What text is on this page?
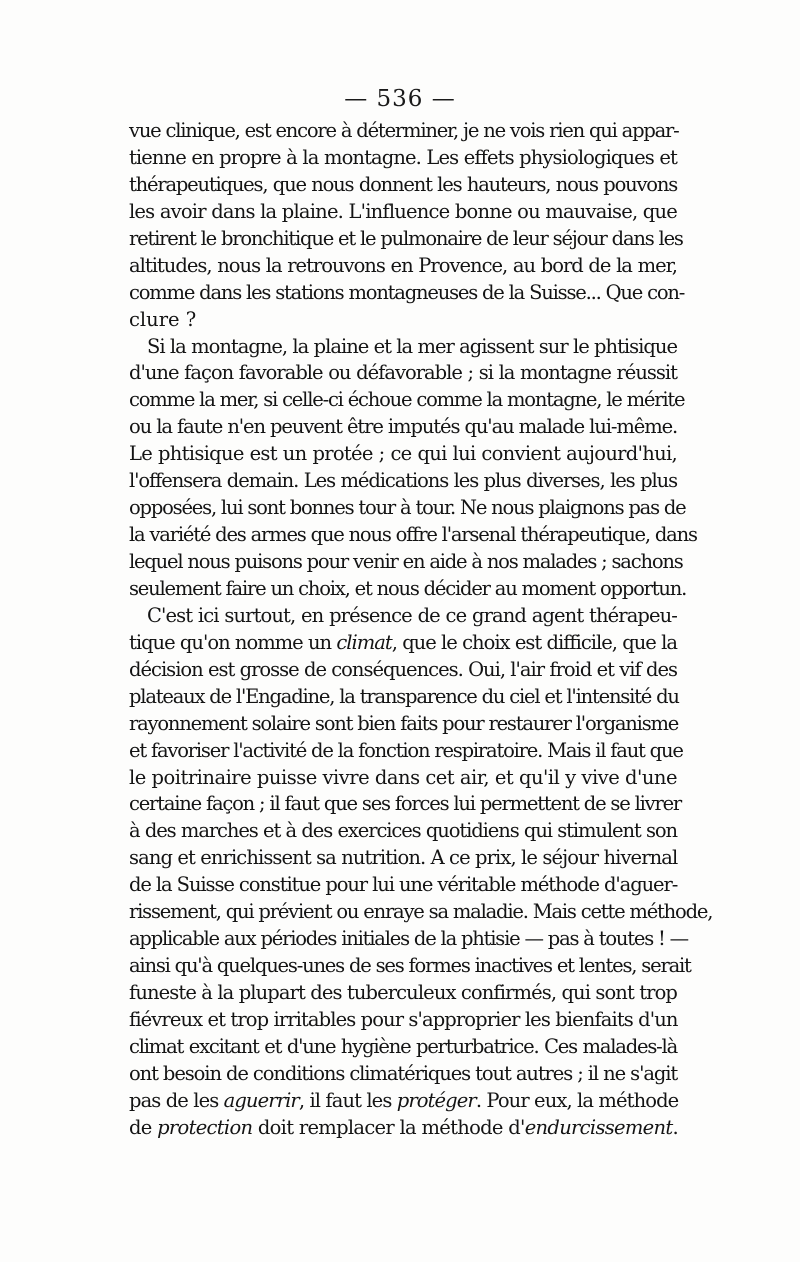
— 536 —
vue clinique, est encore à déterminer, je ne vois rien qui appar-
tienne en propre à la montagne. Les effets physiologiques et
thérapeutiques, que nous donnent les hauteurs, nous pouvons
les avoir dans la plaine. L'influence bonne ou mauvaise, que
retirent le bronchitique et le pulmonaire de leur séjour dans les
altitudes, nous la retrouvons en Provence, au bord de la mer,
comme dans les stations montagneuses de la Suisse... Que con-
clure ?
Si la montagne, la plaine et la mer agissent sur le phtisique
d'une façon favorable ou défavorable ; si la montagne réussit
comme la mer, si celle-ci échoue comme la montagne, le mérite
ou la faute n'en peuvent être imputés qu'au malade lui-même.
Le phtisique est un protée ; ce qui lui convient aujourd'hui,
l'offensera demain. Les médications les plus diverses, les plus
opposées, lui sont bonnes tour à tour. Ne nous plaignons pas de
la variété des armes que nous offre l'arsenal thérapeutique, dans
lequel nous puisons pour venir en aide à nos malades ; sachons
seulement faire un choix, et nous décider au moment opportun.
C'est ici surtout, en présence de ce grand agent thérapeu-
tique qu'on nomme un climat, que le choix est difficile, que la
décision est grosse de conséquences. Oui, l'air froid et vif des
plateaux de l'Engadine, la transparence du ciel et l'intensité du
rayonnement solaire sont bien faits pour restaurer l'organisme
et favoriser l'activité de la fonction respiratoire. Mais il faut que
le poitrinaire puisse vivre dans cet air, et qu'il y vive d'une
certaine façon ; il faut que ses forces lui permettent de se livrer
à des marches et à des exercices quotidiens qui stimulent son
sang et enrichissent sa nutrition. A ce prix, le séjour hivernal
de la Suisse constitue pour lui une véritable méthode d'aguer-
rissement, qui prévient ou enraye sa maladie. Mais cette méthode,
applicable aux périodes initiales de la phtisie — pas à toutes ! —
ainsi qu'à quelques-unes de ses formes inactives et lentes, serait
funeste à la plupart des tuberculeux confirmés, qui sont trop
fiévreux et trop irritables pour s'approprier les bienfaits d'un
climat excitant et d'une hygiène perturbatrice. Ces malades-là
ont besoin de conditions climatériques tout autres ; il ne s'agit
pas de les aguerrir, il faut les protéger. Pour eux, la méthode
de protection doit remplacer la méthode d'endurcissement.
